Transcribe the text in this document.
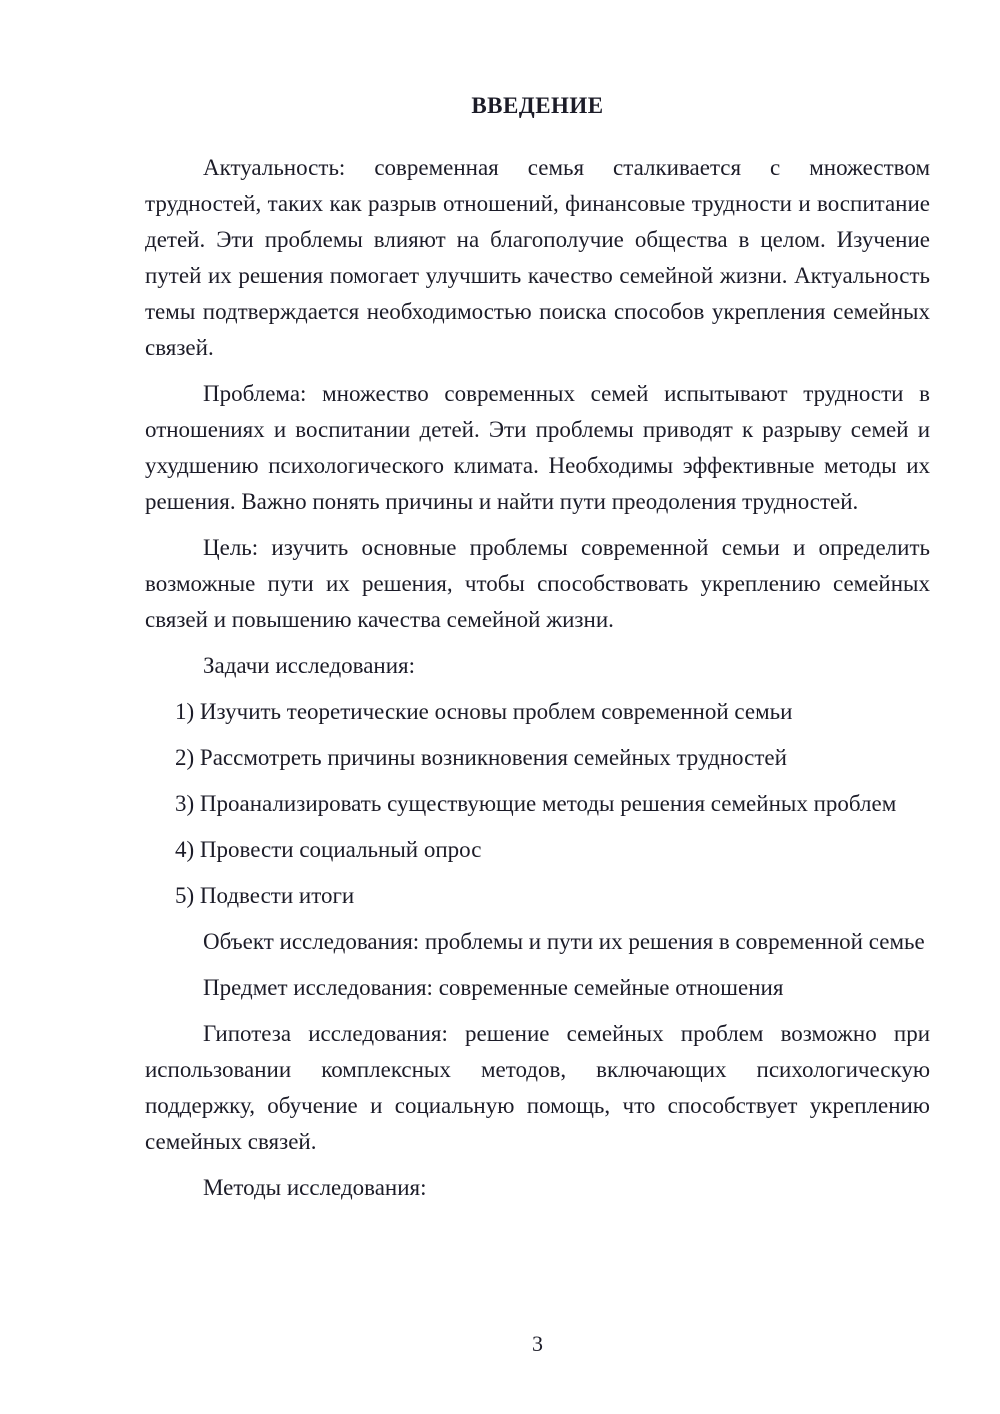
ВВЕДЕНИЕ

Актуальность: современная семья сталкивается с множеством трудностей, таких как разрыв отношений, финансовые трудности и воспитание детей. Эти проблемы влияют на благополучие общества в целом. Изучение путей их решения помогает улучшить качество семейной жизни. Актуальность темы подтверждается необходимостью поиска способов укрепления семейных связей.

Проблема: множество современных семей испытывают трудности в отношениях и воспитании детей. Эти проблемы приводят к разрыву семей и ухудшению психологического климата. Необходимы эффективные методы их решения. Важно понять причины и найти пути преодоления трудностей.

Цель: изучить основные проблемы современной семьи и определить возможные пути их решения, чтобы способствовать укреплению семейных связей и повышению качества семейной жизни.

Задачи исследования:

1) Изучить теоретические основы проблем современной семьи

2) Рассмотреть причины возникновения семейных трудностей

3) Проанализировать существующие методы решения семейных проблем

4) Провести социальный опрос

5) Подвести итоги

Объект исследования: проблемы и пути их решения в современной семье

Предмет исследования: современные семейные отношения

Гипотеза исследования: решение семейных проблем возможно при использовании комплексных методов, включающих психологическую поддержку, обучение и социальную помощь, что способствует укреплению семейных связей.

Методы исследования:

3
